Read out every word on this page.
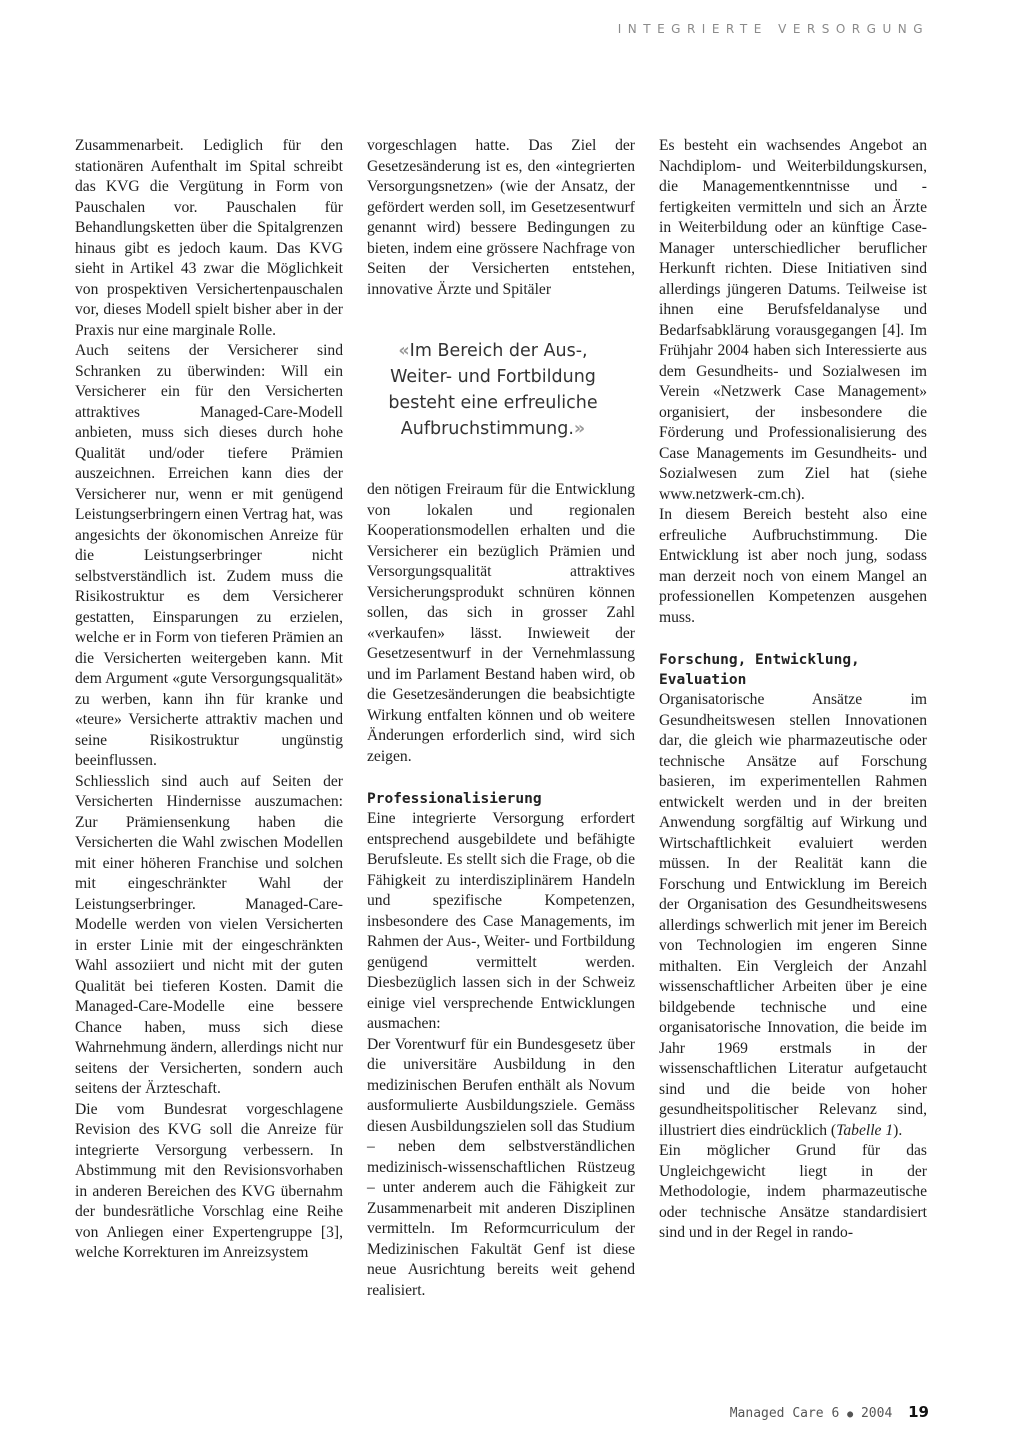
INTEGRIERTE VERSORGUNG

Zusammenarbeit. Lediglich für den stationären Aufenthalt im Spital schreibt das KVG die Vergütung in Form von Pauschalen vor. Pauschalen für Behandlungsketten über die Spitalgrenzen hinaus gibt es jedoch kaum. Das KVG sieht in Artikel 43 zwar die Möglichkeit von prospektiven Versichertenpauschalen vor, dieses Modell spielt bisher aber in der Praxis nur eine marginale Rolle.

Auch seitens der Versicherer sind Schranken zu überwinden: Will ein Versicherer ein für den Versicherten attraktives Managed-Care-Modell anbieten, muss sich dieses durch hohe Qualität und/oder tiefere Prämien auszeichnen. Erreichen kann dies der Versicherer nur, wenn er mit genügend Leistungserbringern einen Vertrag hat, was angesichts der ökonomischen Anreize für die Leistungserbringer nicht selbstverständlich ist. Zudem muss die Risikostruktur es dem Versicherer gestatten, Einsparungen zu erzielen, welche er in Form von tieferen Prämien an die Versicherten weitergeben kann. Mit dem Argument «gute Versorgungsqualität» zu werben, kann ihn für kranke und «teure» Versicherte attraktiv machen und seine Risikostruktur ungünstig beeinflussen.

Schliesslich sind auch auf Seiten der Versicherten Hindernisse auszumachen: Zur Prämiensenkung haben die Versicherten die Wahl zwischen Modellen mit einer höheren Franchise und solchen mit eingeschränkter Wahl der Leistungserbringer. Managed-Care-Modelle werden von vielen Versicherten in erster Linie mit der eingeschränkten Wahl assoziiert und nicht mit der guten Qualität bei tieferen Kosten. Damit die Managed-Care-Modelle eine bessere Chance haben, muss sich diese Wahrnehmung ändern, allerdings nicht nur seitens der Versicherten, sondern auch seitens der Ärzteschaft.

Die vom Bundesrat vorgeschlagene Revision des KVG soll die Anreize für integrierte Versorgung verbessern. In Abstimmung mit den Revisionsvorhaben in anderen Bereichen des KVG übernahm der bundesrätliche Vorschlag eine Reihe von Anliegen einer Expertengruppe [3], welche Korrekturen im Anreizsystem

vorgeschlagen hatte. Das Ziel der Gesetzesänderung ist es, den «integrierten Versorgungsnetzen» (wie der Ansatz, der gefördert werden soll, im Gesetzesentwurf genannt wird) bessere Bedingungen zu bieten, indem eine grössere Nachfrage von Seiten der Versicherten entstehen, innovative Ärzte und Spitäler

«Im Bereich der Aus-, Weiter- und Fortbildung besteht eine erfreuliche Aufbruchstimmung.»

den nötigen Freiraum für die Entwicklung von lokalen und regionalen Kooperationsmodellen erhalten und die Versicherer ein bezüglich Prämien und Versorgungsqualität attraktives Versicherungsprodukt schnüren können sollen, das sich in grosser Zahl «verkaufen» lässt. Inwieweit der Gesetzesentwurf in der Vernehmlassung und im Parlament Bestand haben wird, ob die Gesetzesänderungen die beabsichtigte Wirkung entfalten können und ob weitere Änderungen erforderlich sind, wird sich zeigen.

Professionalisierung

Eine integrierte Versorgung erfordert entsprechend ausgebildete und befähigte Berufsleute. Es stellt sich die Frage, ob die Fähigkeit zu interdisziplinärem Handeln und spezifische Kompetenzen, insbesondere des Case Managements, im Rahmen der Aus-, Weiter- und Fortbildung genügend vermittelt werden. Diesbezüglich lassen sich in der Schweiz einige viel versprechende Entwicklungen ausmachen:

Der Vorentwurf für ein Bundesgesetz über die universitäre Ausbildung in den medizinischen Berufen enthält als Novum ausformulierte Ausbildungsziele. Gemäss diesen Ausbildungszielen soll das Studium – neben dem selbstverständlichen medizinisch-wissenschaftlichen Rüstzeug – unter anderem auch die Fähigkeit zur Zusammenarbeit mit anderen Disziplinen vermitteln. Im Reformcurriculum der Medizinischen Fakultät Genf ist diese neue Ausrichtung bereits weit gehend realisiert.

Es besteht ein wachsendes Angebot an Nachdiplom- und Weiterbildungskursen, die Managementkenntnisse und -fertigkeiten vermitteln und sich an Ärzte in Weiterbildung oder an künftige Case-Manager unterschiedlicher beruflicher Herkunft richten. Diese Initiativen sind allerdings jüngeren Datums. Teilweise ist ihnen eine Berufsfeldanalyse und Bedarfsabklärung vorausgegangen [4]. Im Frühjahr 2004 haben sich Interessierte aus dem Gesundheits- und Sozialwesen im Verein «Netzwerk Case Management» organisiert, der insbesondere die Förderung und Professionalisierung des Case Managements im Gesundheits- und Sozialwesen zum Ziel hat (siehe www.netzwerk-cm.ch).

In diesem Bereich besteht also eine erfreuliche Aufbruchstimmung. Die Entwicklung ist aber noch jung, sodass man derzeit noch von einem Mangel an professionellen Kompetenzen ausgehen muss.

Forschung, Entwicklung, Evaluation

Organisatorische Ansätze im Gesundheitswesen stellen Innovationen dar, die gleich wie pharmazeutische oder technische Ansätze auf Forschung basieren, im experimentellen Rahmen entwickelt werden und in der breiten Anwendung sorgfältig auf Wirkung und Wirtschaftlichkeit evaluiert werden müssen. In der Realität kann die Forschung und Entwicklung im Bereich der Organisation des Gesundheitswesens allerdings schwerlich mit jener im Bereich von Technologien im engeren Sinne mithalten. Ein Vergleich der Anzahl wissenschaftlicher Arbeiten über je eine bildgebende technische und eine organisatorische Innovation, die beide im Jahr 1969 erstmals in der wissenschaftlichen Literatur aufgetaucht sind und die beide von hoher gesundheitspolitischer Relevanz sind, illustriert dies eindrücklich (Tabelle 1).

Ein möglicher Grund für das Ungleichgewicht liegt in der Methodologie, indem pharmazeutische oder technische Ansätze standardisiert sind und in der Regel in rando-

Managed Care 6 ● 2004 19
